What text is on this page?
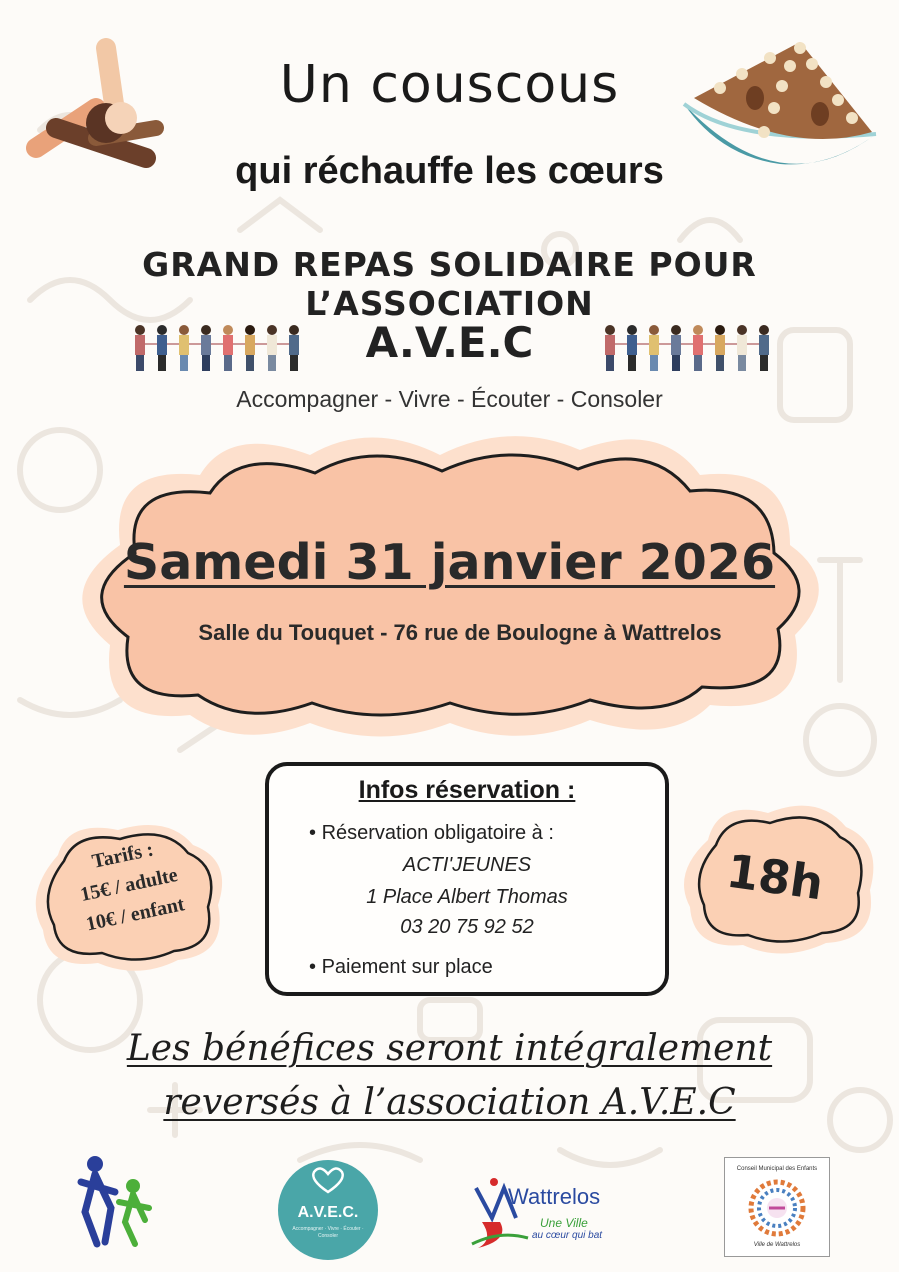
Un couscous
qui réchauffe les cœurs
GRAND REPAS SOLIDAIRE POUR L’ASSOCIATION
A.V.E.C
Accompagner - Vivre - Écouter - Consoler
Samedi 31 janvier 2026
Salle du Touquet - 76 rue de Boulogne à Wattrelos
Tarifs :
15€ / adulte
10€ / enfant
Infos réservation :
• Réservation obligatoire à :
ACTI'JEUNES
1 Place Albert Thomas
03 20 75 92 52
• Paiement sur place
18h
Les bénéfices seront intégralement
reversés à l’association A.V.E.C
A.V.E.C.
Accompagner · Vivre · Écouter · Consoler
Wattrelos
Une Ville
au cœur qui bat
Conseil Municipal des Enfants
Ville de Wattrelos
